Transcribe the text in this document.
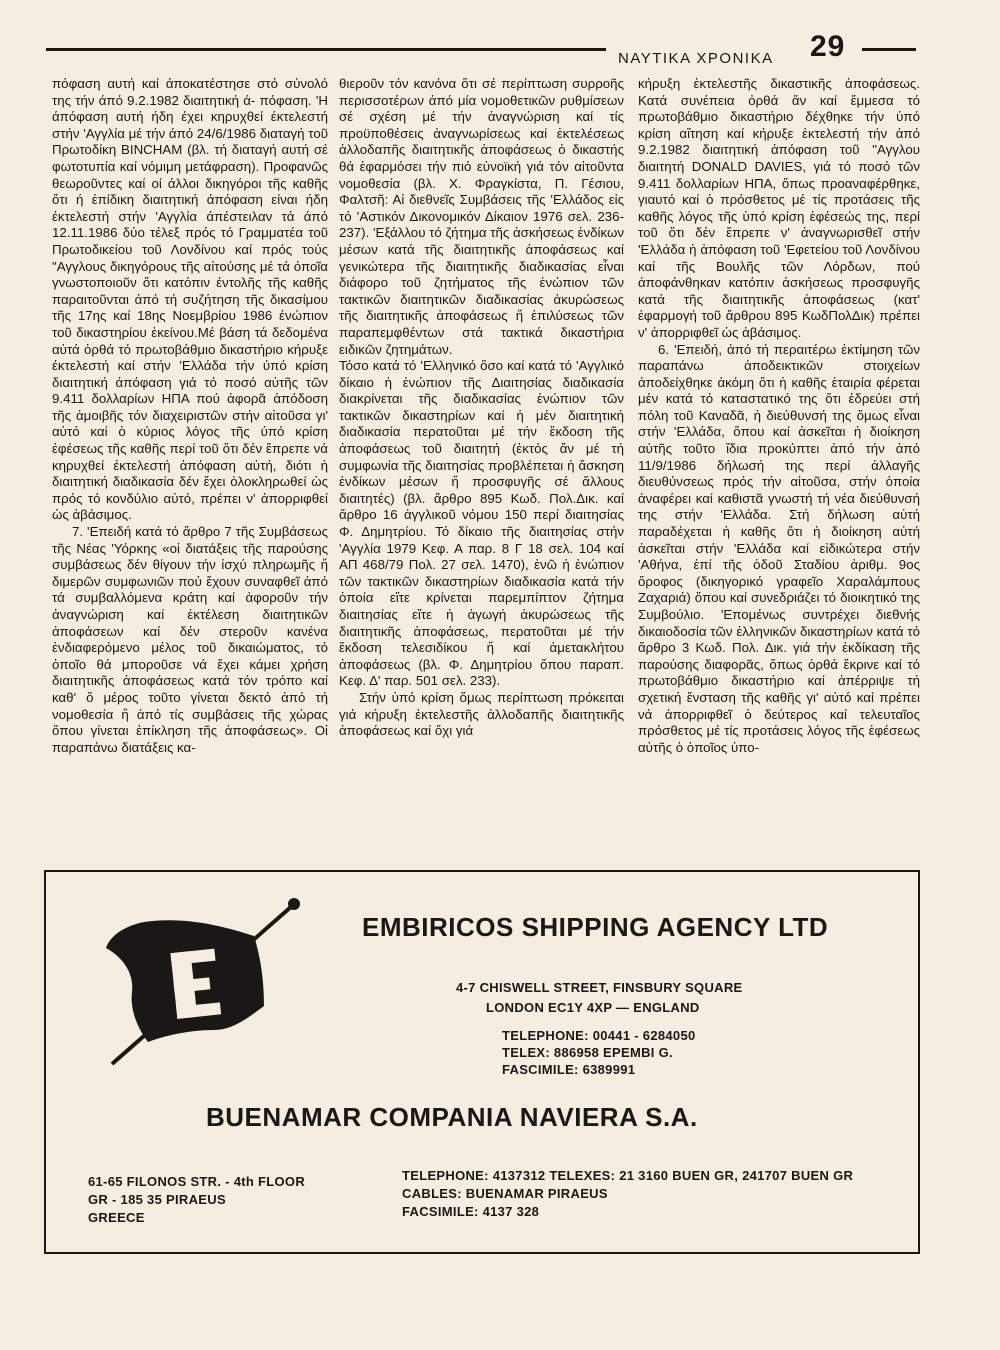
ΝΑΥΤΙΚΑ ΧΡΟΝΙΚΑ 29

πόφαση αυτή καί άποκατέστησε στό σύνολό της τήν άπό 9.2.1982 διαιτητική ά- πόφαση. 'Η άπόφαση αυτή ήδη έχει κηρυχθεί έκτελεστή στήν 'Αγγλία μέ τήν άπό 24/6/1986 διαταγή τοῦ Πρωτοδίκη BINCHAM (βλ. τή διαταγή αυτή σέ φωτοτυπία καί νόμιμη μετάφραση). Προφανῶς θεωροῦντες καί οί άλλοι δικηγόροι τῆς καθῆς ὅτι ή ἐπίδικη διαιτητική άπόφαση είναι ήδη έκτελεστή στήν 'Αγγλία άπέστειλαν τά άπό 12.11.1986 δύο τέλεξ πρός τό Γραμματέα τοῦ Πρωτοδικείου τοῦ Λονδίνου καί πρός τούς "Αγγλους δικηγόρους τῆς αἰτούσης μέ τά όποῖα γνωστοποιοῦν ὅτι κατόπιν έντολῆς τῆς καθῆς παραιτοῦνται άπό τή συζήτηση τῆς δικασίμου τῆς 17ης καί 18ης Νοεμβρίου 1986 ένώπιον τοῦ δικαστηρίου ἐκείνου.Μέ βάση τά δεδομένα αὐτά ὀρθά τό πρωτοβάθμιο δικαστήριο κήρυξε έκτελεστή καί στήν 'Ελλάδα τήν ύπό κρίση διαιτητική άπόφαση γιά τό ποσό αὐτῆς τῶν 9.411 δολλαρίων ΗΠΑ πού ἀφορᾶ ἀπόδοση τῆς ἀμοιβῆς τόν διαχειριστῶν στήν αἰτοῦσα γι' αὐτό καί ὁ κύριος λόγος τῆς ύπό κρίση ἐφέσεως τῆς καθῆς περί τοῦ ὅτι δέν ἔπρεπε νά κηρυχθεί έκτελεστή ἀπόφαση αὐτή, διότι ἡ διαιτητική διαδικασία δέν ἔχει ὁλοκληρωθεί ὡς πρός τό κονδύλιο αὐτό, πρέπει ν' ἀπορριφθεί ὡς ἀβάσιμος.

7. 'Επειδή κατά τό ἄρθρο 7 τῆς Συμβάσεως τῆς Νέας 'Υόρκης «οἱ διατάξεις τῆς παρούσης συμβάσεως δέν θίγουν τήν ἰσχύ πληρωμῆς ἤ διμερῶν συμφωνιῶν πού ἔχουν συναφθεῖ ἀπό τά συμβαλλόμενα κράτη καί ἀφοροῦν τήν ἀναγνώριση καί ἐκτέλεση διαιτητικῶν ἀποφάσεων καί δέν στεροῦν κανένα ἐνδιαφερόμενο μέλος τοῦ δικαιώματος, τό ὁποῖο θά μποροῦσε νά ἔχει κάμει χρήση διαιτητικῆς ἀποφάσεως κατά τόν τρόπο καί καθ' ὅ μέρος τοῦτο γίνεται δεκτό ἀπό τή νομοθεσία ἤ ἀπό τίς συμβάσεις τῆς χώρας ὅπου γίνεται ἐπίκληση τῆς ἀποφάσεως». Οἱ παραπάνω διατάξεις κα-

θιεροῦν τόν κανόνα ὅτι σέ περίπτωση συρροῆς περισσοτέρων ἀπό μία νομοθετικῶν ρυθμίσεων σέ σχέση μέ τήν ἀναγνώριση καί τίς προϋποθέσεις ἀναγνωρίσεως καί ἐκτελέσεως ἀλλοδαπῆς διαιτητικῆς ἀποφάσεως ὁ δικαστής θά ἐφαρμόσει τήν πιό εὐνοϊκή γιά τόν αἰτοῦντα νομοθεσία (βλ. Χ. Φραγκίστα, Π. Γέσιου, Φαλτσῆ: Αἱ διεθνεῖς Συμβάσεις τῆς 'Ελλάδος εἰς τό 'Αστικόν Δικονομικόν Δίκαιον 1976 σελ. 236-237). 'Εξάλλου τό ζήτημα τῆς ἀσκήσεως ἐνδίκων μέσων κατά τῆς διαιτητικῆς ἀποφάσεως καί γενικώτερα τῆς διαιτητικῆς διαδικασίας εἶναι διάφορο τοῦ ζητήματος τῆς ἐνώπιον τῶν τακτικῶν διαιτητικῶν διαδικασίας ἀκυρώσεως τῆς διαιτητικῆς ἀποφάσεως ἤ ἐπιλύσεως τῶν παραπεμφθέντων στά τακτικά δικαστήρια ειδικῶν ζητημάτων.

Τόσο κατά τό 'Ελληνικό ὅσο καί κατά τό 'Αγγλικό δίκαιο ἡ ἐνώπιον τῆς Διαιτησίας διαδικασία διακρίνεται τῆς διαδικασίας ἐνώπιον τῶν τακτικῶν δικαστηρίων καί ἡ μέν διαιτητική διαδικασία περατοῦται μέ τήν ἔκδοση τῆς ἀποφάσεως τοῦ διαιτητή (ἐκτός ἄν μέ τή συμφωνία τῆς διαιτησίας προβλέπεται ἡ ἄσκηση ἐνδίκων μέσων ἤ προσφυγῆς σέ ἄλλους διαιτητές) (βλ. ἄρθρο 895 Κωδ. Πολ.Δικ. καί ἄρθρο 16 ἀγγλικοῦ νόμου 150 περί διαιτησίας Φ. Δημητρίου. Τό δίκαιο τῆς διαιτησίας στήν 'Αγγλία 1979 Κεφ. Α παρ. 8 Γ 18 σελ. 104 καί ΑΠ 468/79 Πολ. 27 σελ. 1470), ἐνῶ ἡ ἐνώπιον τῶν τακτικῶν δικαστηρίων διαδικασία κατά τήν ὁποία εἴτε κρίνεται παρεμπίπτον ζήτημα διαιτησίας εἴτε ἡ ἀγωγή ἀκυρώσεως τῆς διαιτητικῆς ἀποφάσεως, περατοῦται μέ τήν ἔκδοση τελεσιδίκου ἤ καί ἀμετακλήτου ἀποφάσεως (βλ. Φ. Δημητρίου ὅπου παραπ. Κεφ. Δ' παρ. 501 σελ. 233).

Στήν ὑπό κρίση ὅμως περίπτωση πρόκειται γιά κήρυξη ἐκτελεστῆς ἀλλοδαπῆς διαιτητικῆς ἀποφάσεως καί ὄχι γιά

κήρυξη ἐκτελεστῆς δικαστικῆς ἀποφάσεως. Κατά συνέπεια ὀρθά ἄν καί ἔμμεσα τό πρωτοβάθμιο δικαστήριο δέχθηκε τήν ὑπό κρίση αἴτηση καί κήρυξε ἐκτελεστή τήν ἀπό 9.2.1982 διαιτητική ἀπόφαση τοῦ "Αγγλου διαιτητή DONALD DAVIES, γιά τό ποσό τῶν 9.411 δολλαρίων ΗΠΑ, ὅπως προαναφέρθηκε, γιαυτό καί ὁ πρόσθετος μέ τίς προτάσεις τῆς καθῆς λόγος τῆς ὑπό κρίση ἐφέσεώς της, περί τοῦ ὅτι δέν ἔπρεπε ν' ἀναγνωρισθεῖ στήν 'Ελλάδα ἡ ἀπόφαση τοῦ 'Εφετείου τοῦ Λονδίνου καί τῆς Βουλῆς τῶν Λόρδων, πού ἀποφάνθηκαν κατόπιν ἀσκήσεως προσφυγῆς κατά τῆς διαιτητικῆς ἀποφάσεως (κατ' ἐφαρμογή τοῦ ἄρθρου 895 ΚωδΠολΔικ) πρέπει ν' ἀπορριφθεῖ ὡς ἀβάσιμος.

6. 'Επειδή, ἀπό τή περαιτέρω ἐκτίμηση τῶν παραπάνω ἀποδεικτικῶν στοιχείων ἀποδείχθηκε ἀκόμη ὅτι ἡ καθῆς ἑταιρία φέρεται μέν κατά τό καταστατικό της ὅτι ἑδρεύει στή πόλη τοῦ Καναδᾶ, ἡ διεύθυνσή της ὅμως εἶναι στήν 'Ελλάδα, ὅπου καί ἀσκεῖται ἡ διοίκηση αὐτῆς τοῦτο ἴδια προκύπτει ἀπό τήν ἀπό 11/9/1986 δήλωσή της περί ἀλλαγῆς διευθύνσεως πρός τήν αἰτοῦσα, στήν ὁποία ἀναφέρει καί καθιστᾶ γνωστή τή νέα διεύθυνσή της στήν 'Ελλάδα. Στή δήλωση αὐτή παραδέχεται ἡ καθῆς ὅτι ἡ διοίκηση αὐτή ἀσκεῖται στήν 'Ελλάδα καί εἰδικώτερα στήν 'Αθήνα, ἐπί τῆς ὁδοῦ Σταδίου ἀριθμ. 9ος ὅροφος (δικηγορικό γραφεῖο Χαραλάμπους Ζαχαριά) ὅπου καί συνεδριάζει τό διοικητικό της Συμβούλιο. 'Επομένως συντρέχει διεθνής δικαιοδοσία τῶν ἑλληνικῶν δικαστηρίων κατά τό ἄρθρο 3 Κωδ. Πολ. Δικ. γιά τήν ἐκδίκαση τῆς παρούσης διαφορᾶς, ὅπως ὀρθά ἔκρινε καί τό πρωτοβάθμιο δικαστήριο καί ἀπέρριψε τή σχετική ἔνσταση τῆς καθῆς γι' αὐτό καί πρέπει νά ἀπορριφθεῖ ὁ δεύτερος καί τελευταῖος πρόσθετος μέ τίς προτάσεις λόγος τῆς ἐφέσεως αὐτῆς ὁ ὁποῖος ὑπο-

EMBIRICOS SHIPPING AGENCY LTD
4-7 CHISWELL STREET, FINSBURY SQUARE
LONDON EC1Y 4XP — ENGLAND
TELEPHONE: 00441 - 6284050
TELEX: 886958 EPEMBI G.
FASCIMILE: 6389991
BUENAMAR COMPANIA NAVIERA S.A.
61-65 FILONOS STR. - 4th FLOOR
GR - 185 35 PIRAEUS
GREECE
TELEPHONE: 4137312 TELEXES: 21 3160 BUEN GR, 241707 BUEN GR
CABLES: BUENAMAR PIRAEUS
FACSIMILE: 4137 328
